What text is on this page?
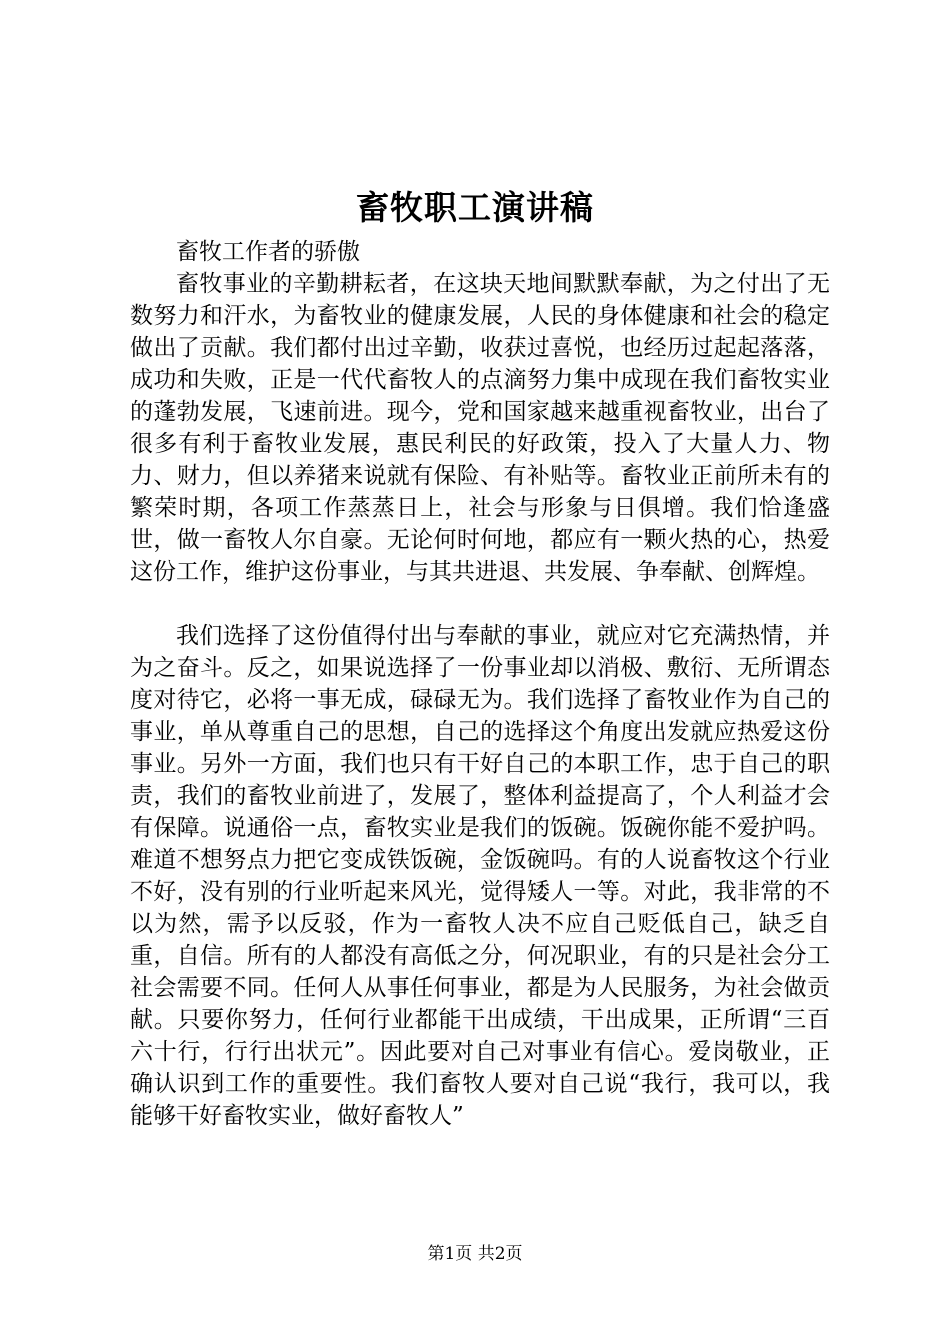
畜牧职工演讲稿

畜牧工作者的骄傲

畜牧事业的辛勤耕耘者，在这块天地间默默奉献，为之付出了无数努力和汗水，为畜牧业的健康发展，人民的身体健康和社会的稳定做出了贡献。我们都付出过辛勤，收获过喜悦，也经历过起起落落，成功和失败，正是一代代畜牧人的点滴努力集中成现在我们畜牧实业的蓬勃发展，飞速前进。现今，党和国家越来越重视畜牧业，出台了很多有利于畜牧业发展，惠民利民的好政策，投入了大量人力、物力、财力，但以养猪来说就有保险、有补贴等。畜牧业正前所未有的繁荣时期，各项工作蒸蒸日上，社会与形象与日俱增。我们恰逢盛世，做一畜牧人尔自豪。无论何时何地，都应有一颗火热的心，热爱这份工作，维护这份事业，与其共进退、共发展、争奉献、创辉煌。

我们选择了这份值得付出与奉献的事业，就应对它充满热情，并为之奋斗。反之，如果说选择了一份事业却以消极、敷衍、无所谓态度对待它，必将一事无成，碌碌无为。我们选择了畜牧业作为自己的事业，单从尊重自己的思想，自己的选择这个角度出发就应热爱这份事业。另外一方面，我们也只有干好自己的本职工作，忠于自己的职责，我们的畜牧业前进了，发展了，整体利益提高了，个人利益才会有保障。说通俗一点，畜牧实业是我们的饭碗。饭碗你能不爱护吗。难道不想努点力把它变成铁饭碗，金饭碗吗。有的人说畜牧这个行业不好，没有别的行业听起来风光，觉得矮人一等。对此，我非常的不以为然，需予以反驳，作为一畜牧人决不应自己贬低自己，缺乏自重，自信。所有的人都没有高低之分，何况职业，有的只是社会分工社会需要不同。任何人从事任何事业，都是为人民服务，为社会做贡献。只要你努力，任何行业都能干出成绩，干出成果，正所谓“三百六十行，行行出状元”。因此要对自己对事业有信心。爱岗敬业，正确认识到工作的重要性。我们畜牧人要对自己说“我行，我可以，我能够干好畜牧实业，做好畜牧人”

第1页 共2页
